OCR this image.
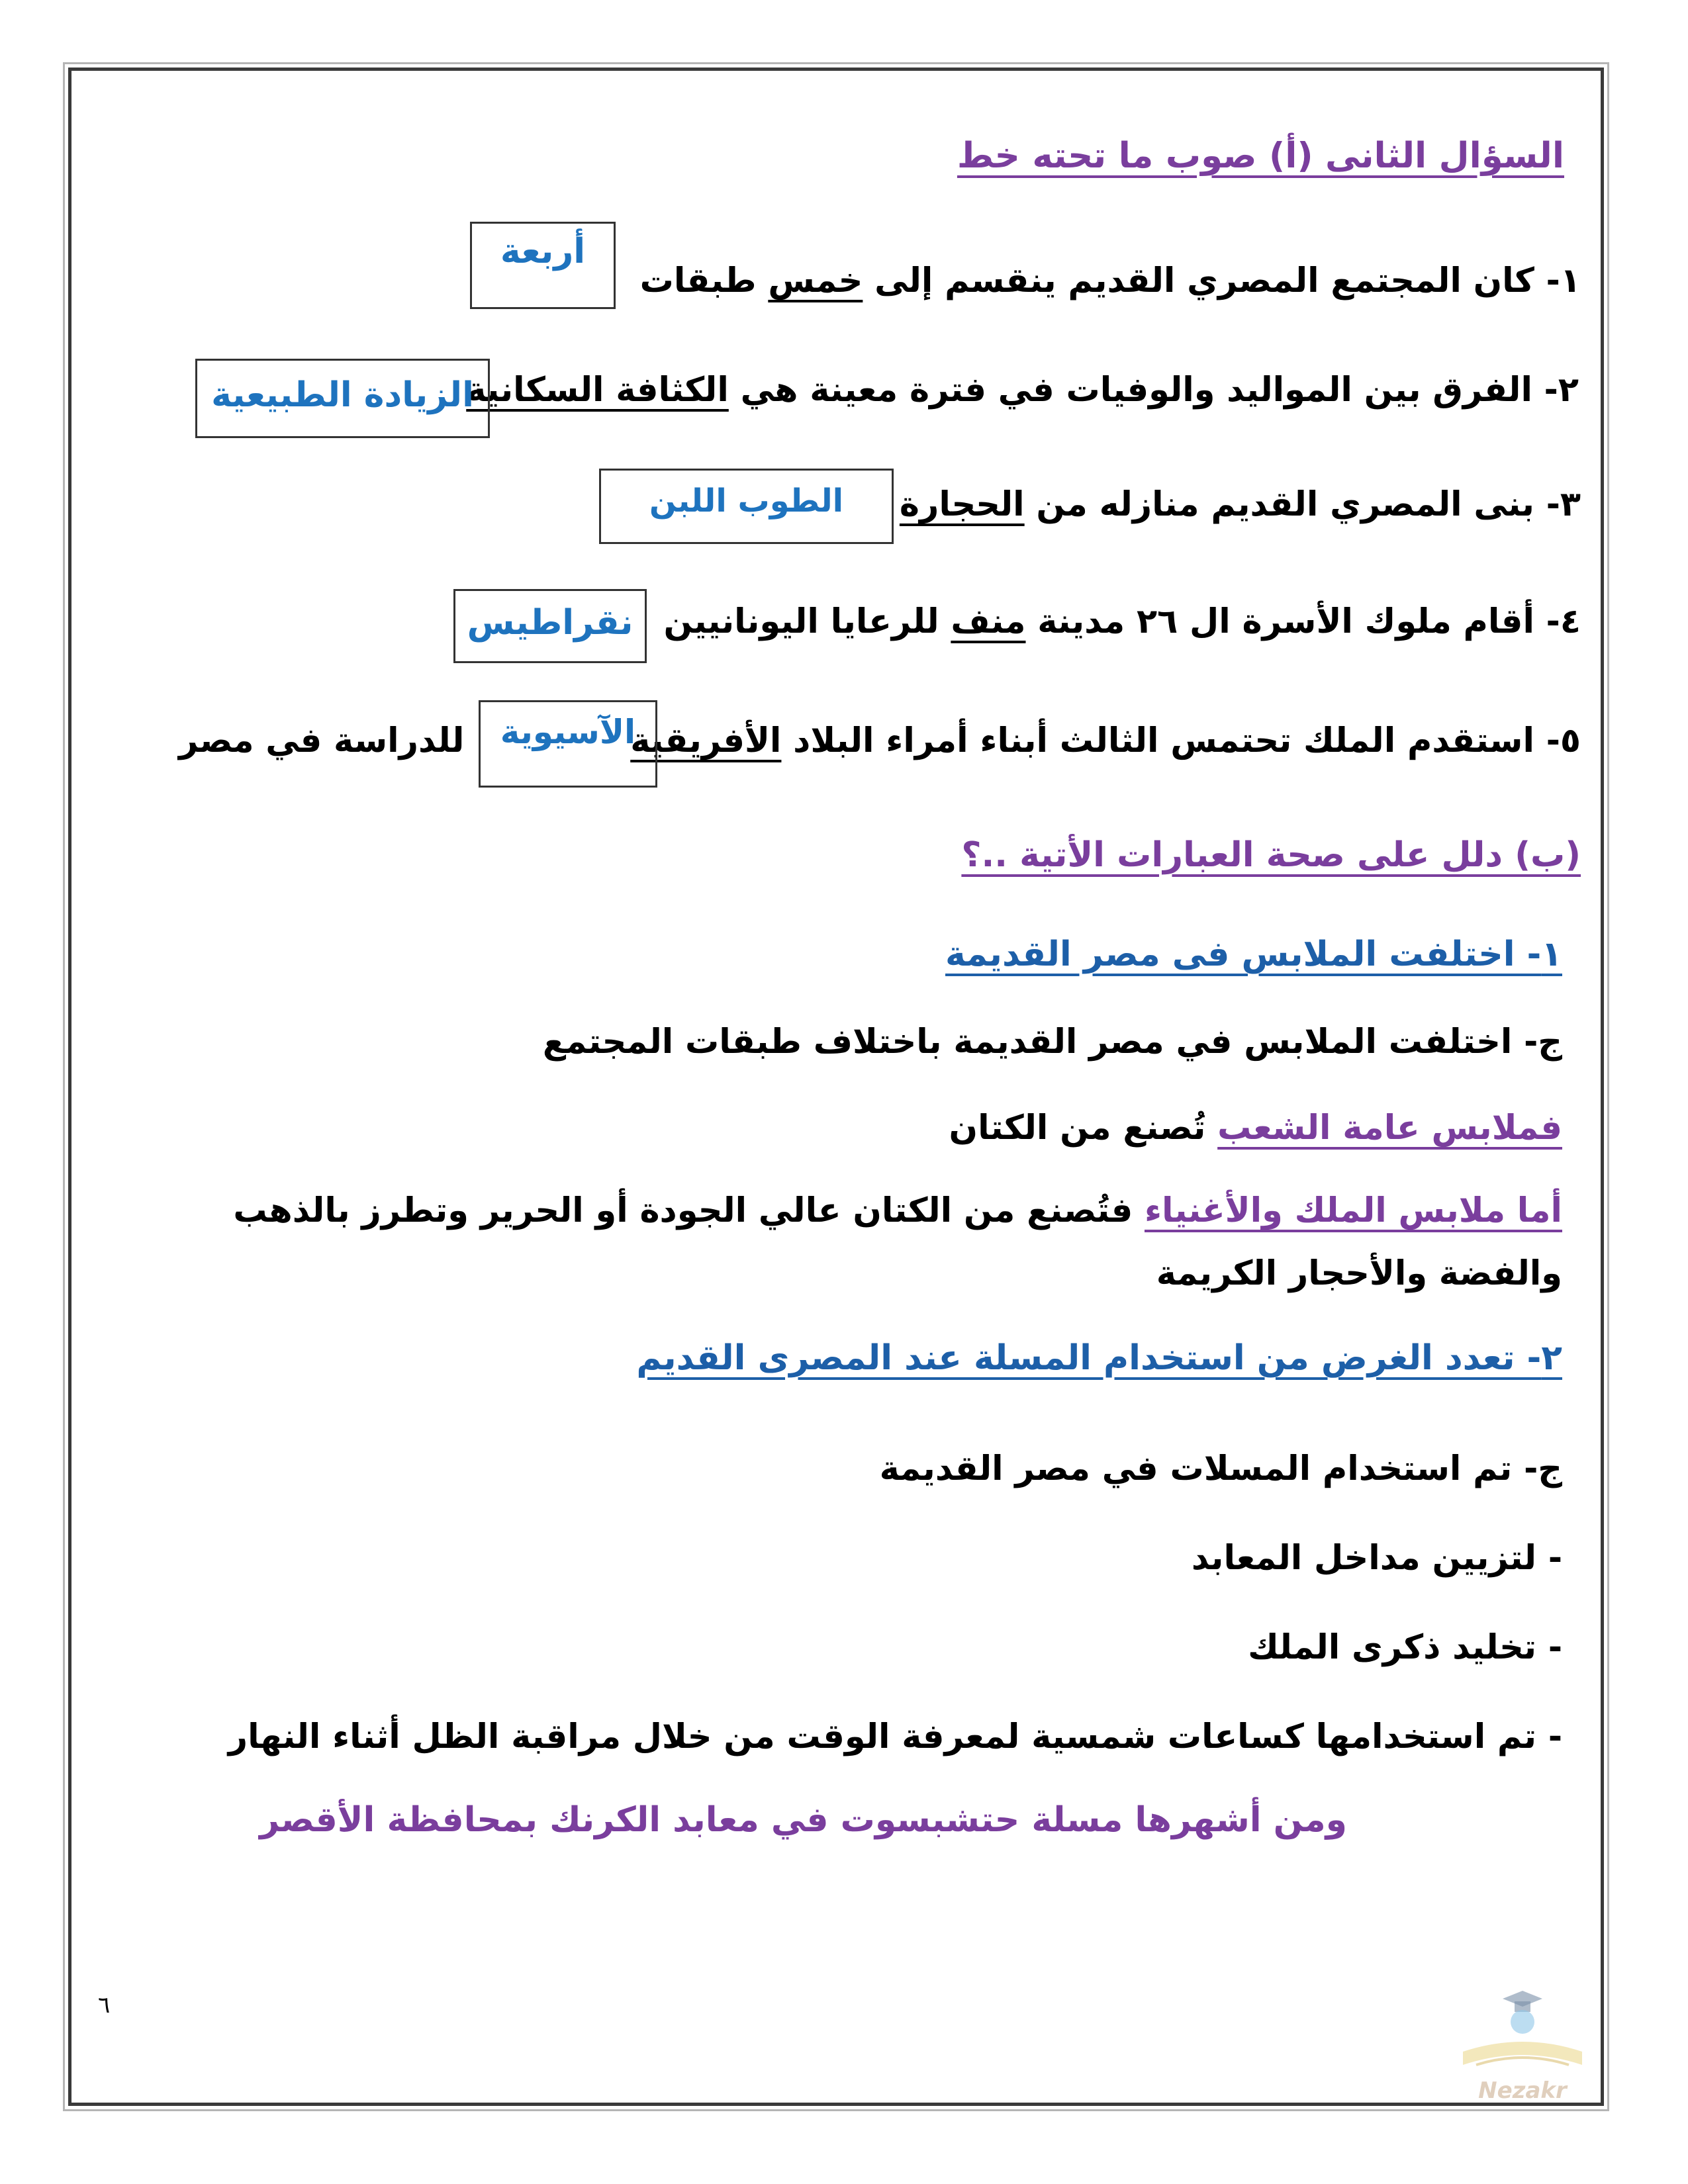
السؤال الثانى (أ) صوب ما تحته خط
١- كان المجتمع المصري القديم ينقسم إلى خمس طبقات
أربعة
٢- الفرق بين المواليد والوفيات في فترة معينة هي الكثافة السكانية
الزيادة الطبيعية
٣- بنى المصري القديم منازله من الحجارة
الطوب اللبن
٤- أقام ملوك الأسرة ال ٢٦ مدينة منف للرعايا اليونانيين
نقراطيس
٥- استقدم الملك تحتمس الثالث أبناء أمراء البلاد الأفريقية
الآسيوية
للدراسة في مصر
(ب) دلل على صحة العبارات الأتية ..؟
١- اختلفت الملابس فى مصر القديمة
ج- اختلفت الملابس في مصر القديمة باختلاف طبقات المجتمع
فملابس عامة الشعب تُصنع من الكتان
أما ملابس الملك والأغنياء فتُصنع من الكتان عالي الجودة أو الحرير وتطرز بالذهب
والفضة والأحجار الكريمة
٢- تعدد الغرض من استخدام المسلة عند المصرى القديم
ج- تم استخدام المسلات في مصر القديمة
- لتزيين مداخل المعابد
- تخليد ذكرى الملك
- تم استخدامها كساعات شمسية لمعرفة الوقت من خلال مراقبة الظل أثناء النهار
ومن أشهرها مسلة حتشبسوت في معابد الكرنك بمحافظة الأقصر
٦
Nezakr
